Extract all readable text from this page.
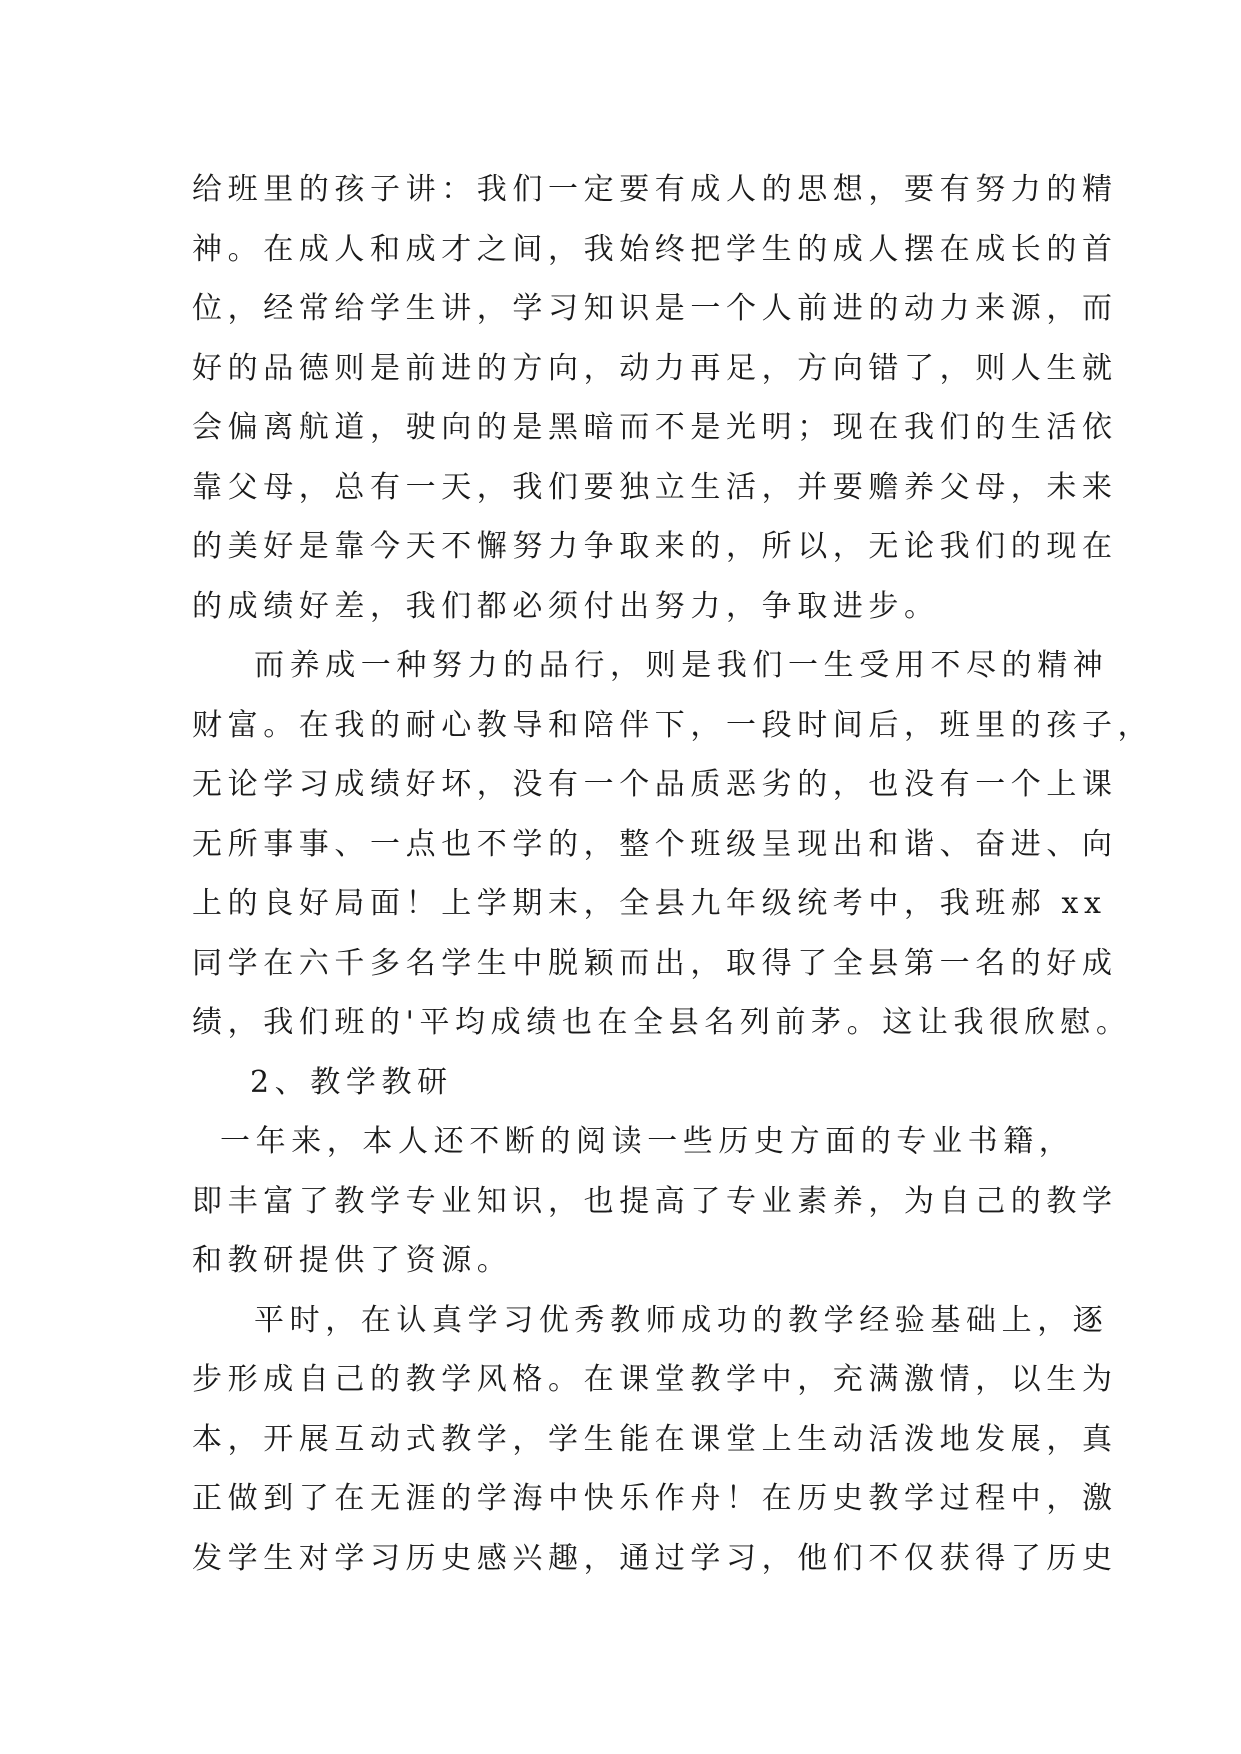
给班里的孩子讲：我们一定要有成人的思想，要有努力的精
神。在成人和成才之间，我始终把学生的成人摆在成长的首
位，经常给学生讲，学习知识是一个人前进的动力来源，而
好的品德则是前进的方向，动力再足，方向错了，则人生就
会偏离航道，驶向的是黑暗而不是光明；现在我们的生活依
靠父母，总有一天，我们要独立生活，并要赡养父母，未来
的美好是靠今天不懈努力争取来的，所以，无论我们的现在
的成绩好差，我们都必须付出努力，争取进步。
而养成一种努力的品行，则是我们一生受用不尽的精神
财富。在我的耐心教导和陪伴下，一段时间后，班里的孩子，
无论学习成绩好坏，没有一个品质恶劣的，也没有一个上课
无所事事、一点也不学的，整个班级呈现出和谐、奋进、向
上的良好局面！上学期末，全县九年级统考中，我班郝 xx
同学在六千多名学生中脱颖而出，取得了全县第一名的好成
绩，我们班的'平均成绩也在全县名列前茅。这让我很欣慰。
2、教学教研
一年来，本人还不断的阅读一些历史方面的专业书籍，
即丰富了教学专业知识，也提高了专业素养，为自己的教学
和教研提供了资源。
平时，在认真学习优秀教师成功的教学经验基础上，逐
步形成自己的教学风格。在课堂教学中，充满激情，以生为
本，开展互动式教学，学生能在课堂上生动活泼地发展，真
正做到了在无涯的学海中快乐作舟！在历史教学过程中，激
发学生对学习历史感兴趣，通过学习，他们不仅获得了历史
